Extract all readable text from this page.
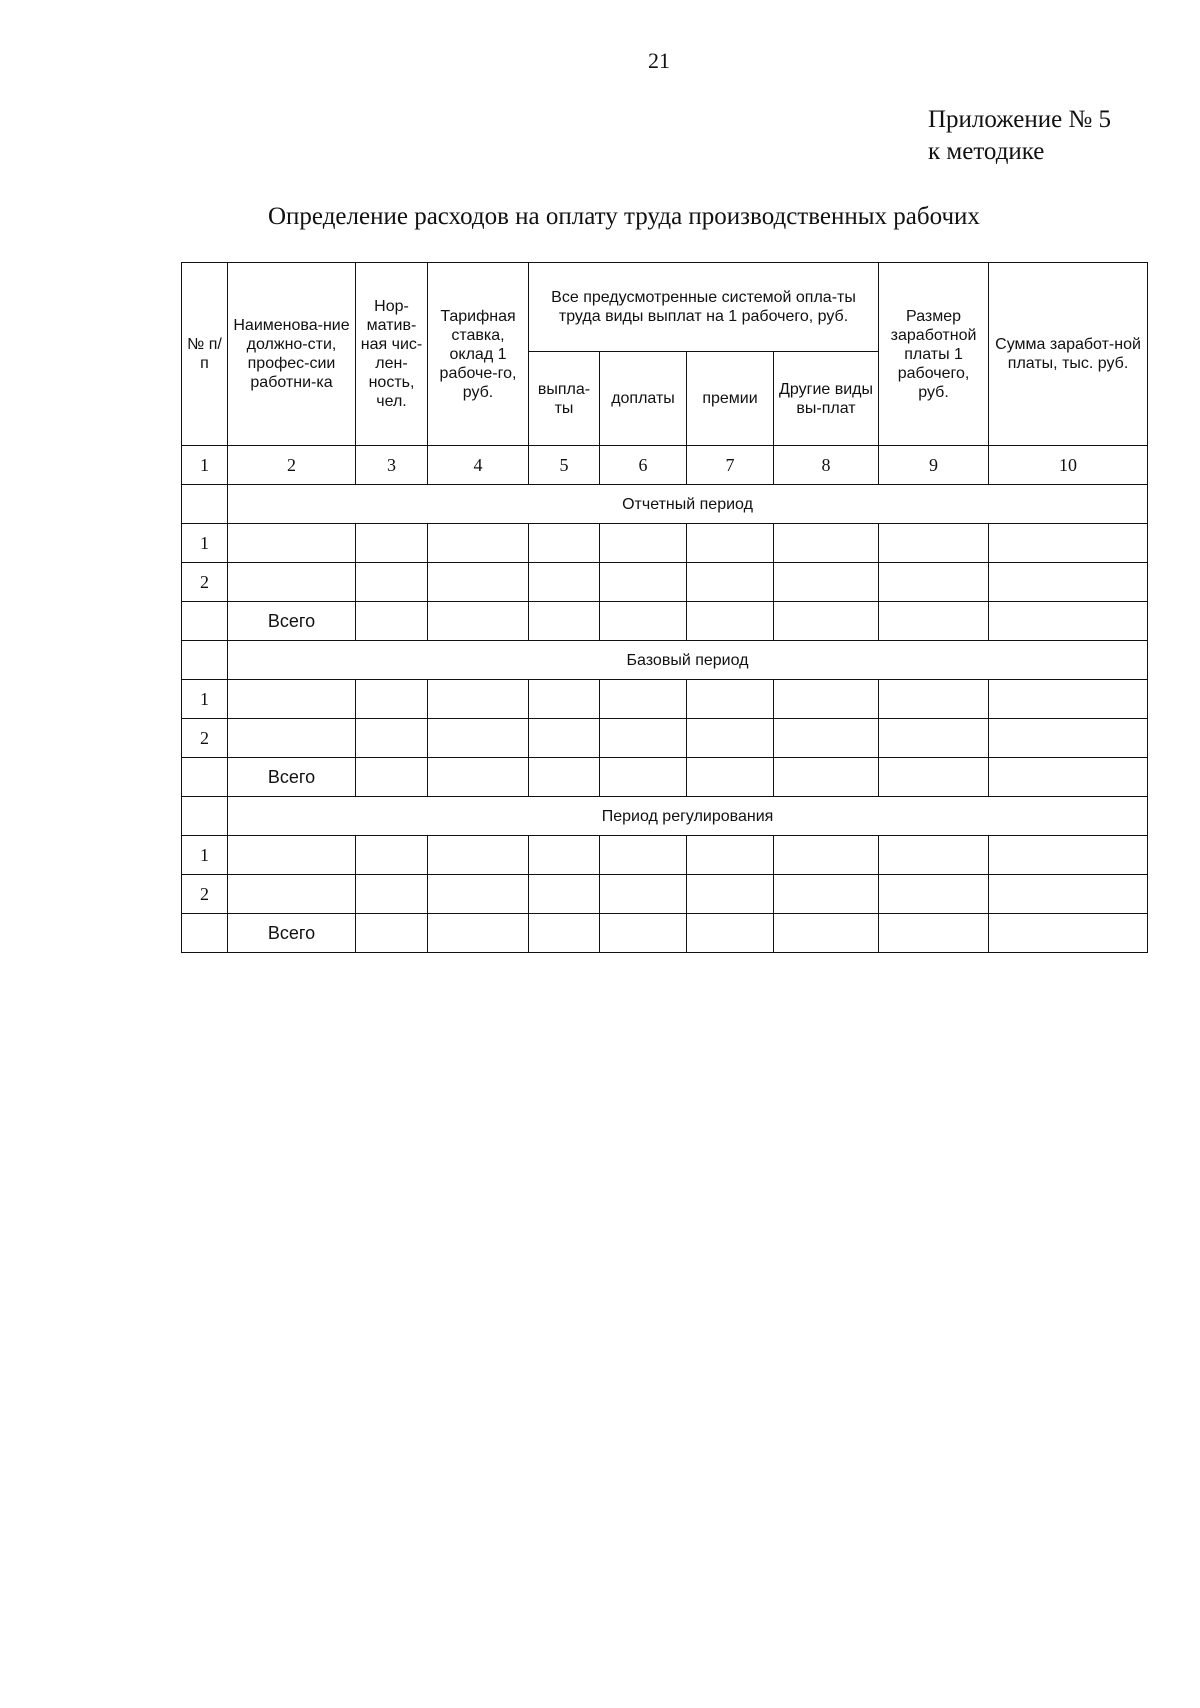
21
Приложение № 5
к методике
Определение расходов на оплату труда производственных рабочих
№ п/п	Наименова-ние должно-сти, профес-сии работни-ка	Нор-матив-ная чис-лен-ность, чел.	Тарифная ставка, оклад 1 рабоче-го, руб.	Все предусмотренные системой опла-ты труда виды выплат на 1 рабочего, руб.				Размер заработной платы 1 рабочего, руб.	Сумма заработ-ной платы, тыс. руб.
				выпла-ты	доплаты	премии	Другие виды вы-плат		
1	2	3	4	5	6	7	8	9	10
	Отчетный период								
1									
2									
	Всего								
	Базовый период								
1									
2									
	Всего								
	Период регулирования								
1									
2									
	Всего								
